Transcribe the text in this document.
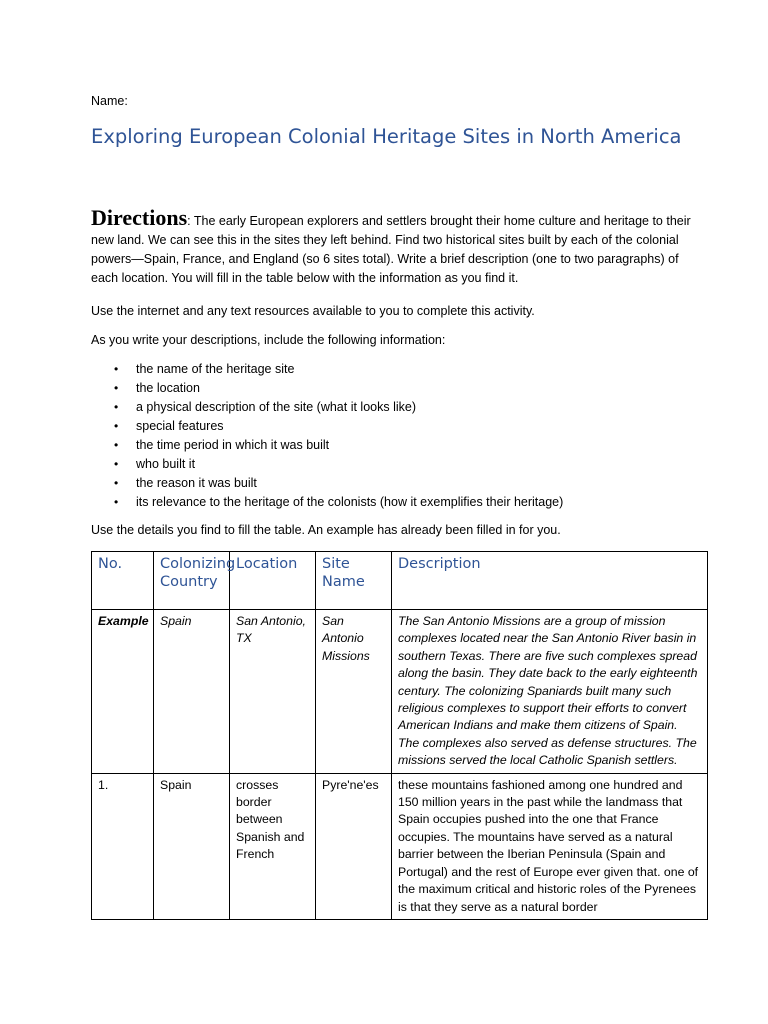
Name:
Exploring European Colonial Heritage Sites in North America

Directions: The early European explorers and settlers brought their home culture and heritage to their new land. We can see this in the sites they left behind. Find two historical sites built by each of the colonial powers—Spain, France, and England (so 6 sites total). Write a brief description (one to two paragraphs) of each location. You will fill in the table below with the information as you find it.

Use the internet and any text resources available to you to complete this activity.

As you write your descriptions, include the following information:

• the name of the heritage site
• the location
• a physical description of the site (what it looks like)
• special features
• the time period in which it was built
• who built it
• the reason it was built
• its relevance to the heritage of the colonists (how it exemplifies their heritage)

Use the details you find to fill the table. An example has already been filled in for you.

No.	Colonizing Country	Location	Site Name	Description
Example	Spain	San Antonio, TX	San Antonio Missions	The San Antonio Missions are a group of mission complexes located near the San Antonio River basin in southern Texas. There are five such complexes spread along the basin. They date back to the early eighteenth century. The colonizing Spaniards built many such religious complexes to support their efforts to convert American Indians and make them citizens of Spain. The complexes also served as defense structures. The missions served the local Catholic Spanish settlers.
1.	Spain	crosses border between Spanish and French	Pyre'ne'es	these mountains fashioned among one hundred and 150 million years in the past while the landmass that Spain occupies pushed into the one that France occupies. The mountains have served as a natural barrier between the Iberian Peninsula (Spain and Portugal) and the rest of Europe ever given that. one of the maximum critical and historic roles of the Pyrenees is that they serve as a natural border
